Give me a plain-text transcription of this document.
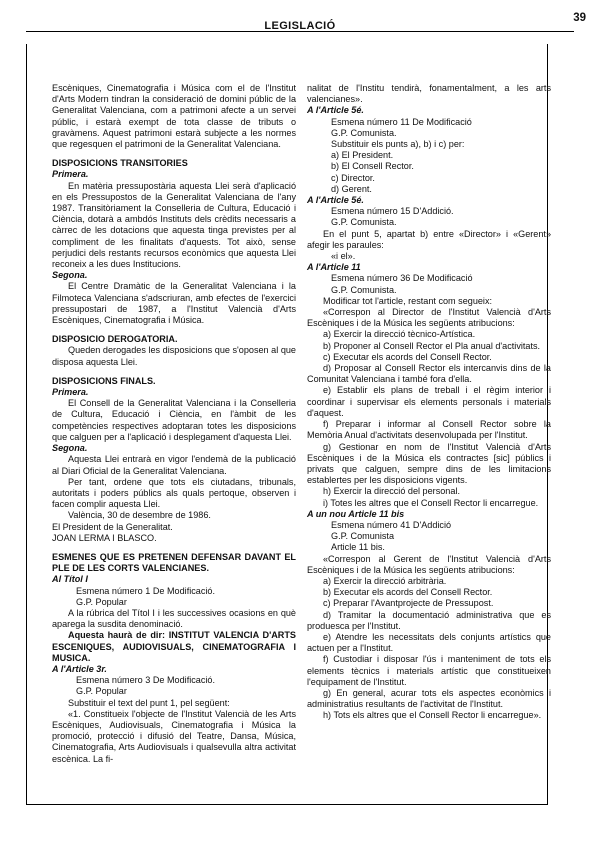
LEGISLACIÓ
39

Escèniques, Cinematografia i Música com el de l'Institut d'Arts Modern tindran la consideració de domini públic de la Generalitat Valenciana, com a patrimoni afecte a un servei públic, i estarà exempt de tota classe de tributs o gravàmens. Aquest patrimoni estarà subjecte a les normes que regesquen el patrimoni de la Generalitat Valenciana.

DISPOSICIONS TRANSITORIES

Primera.

En matèria pressupostària aquesta Llei serà d'aplicació en els Pressupostos de la Generalitat Valenciana de l'any 1987. Transitòriament la Conselleria de Cultura, Educació i Ciència, dotarà a ambdós Instituts dels crèdits necessaris a càrrec de les dotacions que aquesta tinga previstes per al compliment de les finalitats d'aquests. Tot això, sense perjudici dels restants recursos econòmics que aquesta Llei reconeix a les dues Institucions.

Segona.

El Centre Dramàtic de la Generalitat Valenciana i la Filmoteca Valenciana s'adscriuran, amb efectes de l'exercici pressupostari de 1987, a l'Institut Valencià d'Arts Escèniques, Cinematografia i Música.

DISPOSICIO DEROGATORIA.

Queden derogades les disposicions que s'oposen al que disposa aquesta Llei.

DISPOSICIONS FINALS.

Primera.

El Consell de la Generalitat Valenciana i la Conselleria de Cultura, Educació i Ciència, en l'àmbit de les competències respectives adoptaran totes les disposicions que calguen per a l'aplicació i desplegament d'aquesta Llei.

Segona.

Aquesta Llei entrarà en vigor l'endemà de la publicació al Diari Oficial de la Generalitat Valenciana.

Per tant, ordene que tots els ciutadans, tribunals, autoritats i poders públics als quals pertoque, observen i facen complir aquesta Llei.

València, 30 de desembre de 1986.

El President de la Generalitat.

JOAN LERMA I BLASCO.

ESMENES QUE ES PRETENEN DEFENSAR DAVANT EL PLE DE LES CORTS VALENCIANES.

Al Títol I

Esmena número 1 De Modificació.

G.P. Popular

A la rúbrica del Títol I i les successives ocasions en què aparega la susdita denominació.

Aquesta haurà de dir: INSTITUT VALENCIA D'ARTS ESCENIQUES, AUDIOVISUALS, CINEMATOGRAFIA I MUSICA.

A l'Article 3r.

Esmena número 3 De Modificació.

G.P. Popular

Substituir el text del punt 1, pel següent:

«1. Constitueix l'objecte de l'Institut Valencià de les Arts Escèniques, Audiovisuals, Cinematografia i Música la promoció, protecció i difusió del Teatre, Dansa, Música, Cinematografia, Arts Audiovisuals i qualsevulla altra activitat escènica. La fi-

nalitat de l'Institu tendirà, fonamentalment, a les arts valencianes».

A l'Article 5é.

Esmena número 11 De Modificació

G.P. Comunista.

Substituir els punts a), b) i c) per:

a) El President.

b) El Consell Rector.

c) Director.

d) Gerent.

A l'Article 5é.

Esmena número 15 D'Addició.

G.P. Comunista.

En el punt 5, apartat b) entre «Director» i «Gerent» afegir les paraules:

«i el».

A l'Article 11

Esmena número 36 De Modificació

G.P. Comunista.

Modificar tot l'article, restant com segueix:

«Correspon al Director de l'Institut Valencià d'Arts Escèniques i de la Música les següents atribucions:

a) Exercir la direcció tècnico-Artística.

b) Proponer al Consell Rector el Pla anual d'activitats.

c) Executar els acords del Consell Rector.

d) Proposar al Consell Rector els intercanvis dins de la Comunitat Valenciana i també fora d'ella.

e) Establir els plans de treball i el règim interior i coordinar i supervisar els elements personals i materials d'aquest.

f) Preparar i informar al Consell Rector sobre la Memòria Anual d'activitats desenvolupada per l'Institut.

g) Gestionar en nom de l'Institut Valencià d'Arts Escèniques i de la Música els contractes [sic] públics i privats que calguen, sempre dins de les limitacions establertes per les disposicions vigents.

h) Exercir la direcció del personal.

i) Totes les altres que el Consell Rector li encarregue.

A un nou Article 11 bis

Esmena número 41 D'Addició

G.P. Comunista

Article 11 bis.

«Correspon al Gerent de l'Institut Valencià d'Arts Escèniques i de la Música les següents atribucions:

a) Exercir la direcció arbitrària.

b) Executar els acords del Consell Rector.

c) Preparar l'Avantprojecte de Pressupost.

d) Tramitar la documentació administrativa que es produesca per l'Institut.

e) Atendre les necessitats dels conjunts artístics que actuen per a l'Institut.

f) Custodiar i disposar l'ús i manteniment de tots els elements tècnics i materials artístic que constitueixen l'equipament de l'Institut.

g) En general, acurar tots els aspectes econòmics i administratius resultants de l'activitat de l'Institut.

h) Tots els altres que el Consell Rector li encarregue».
